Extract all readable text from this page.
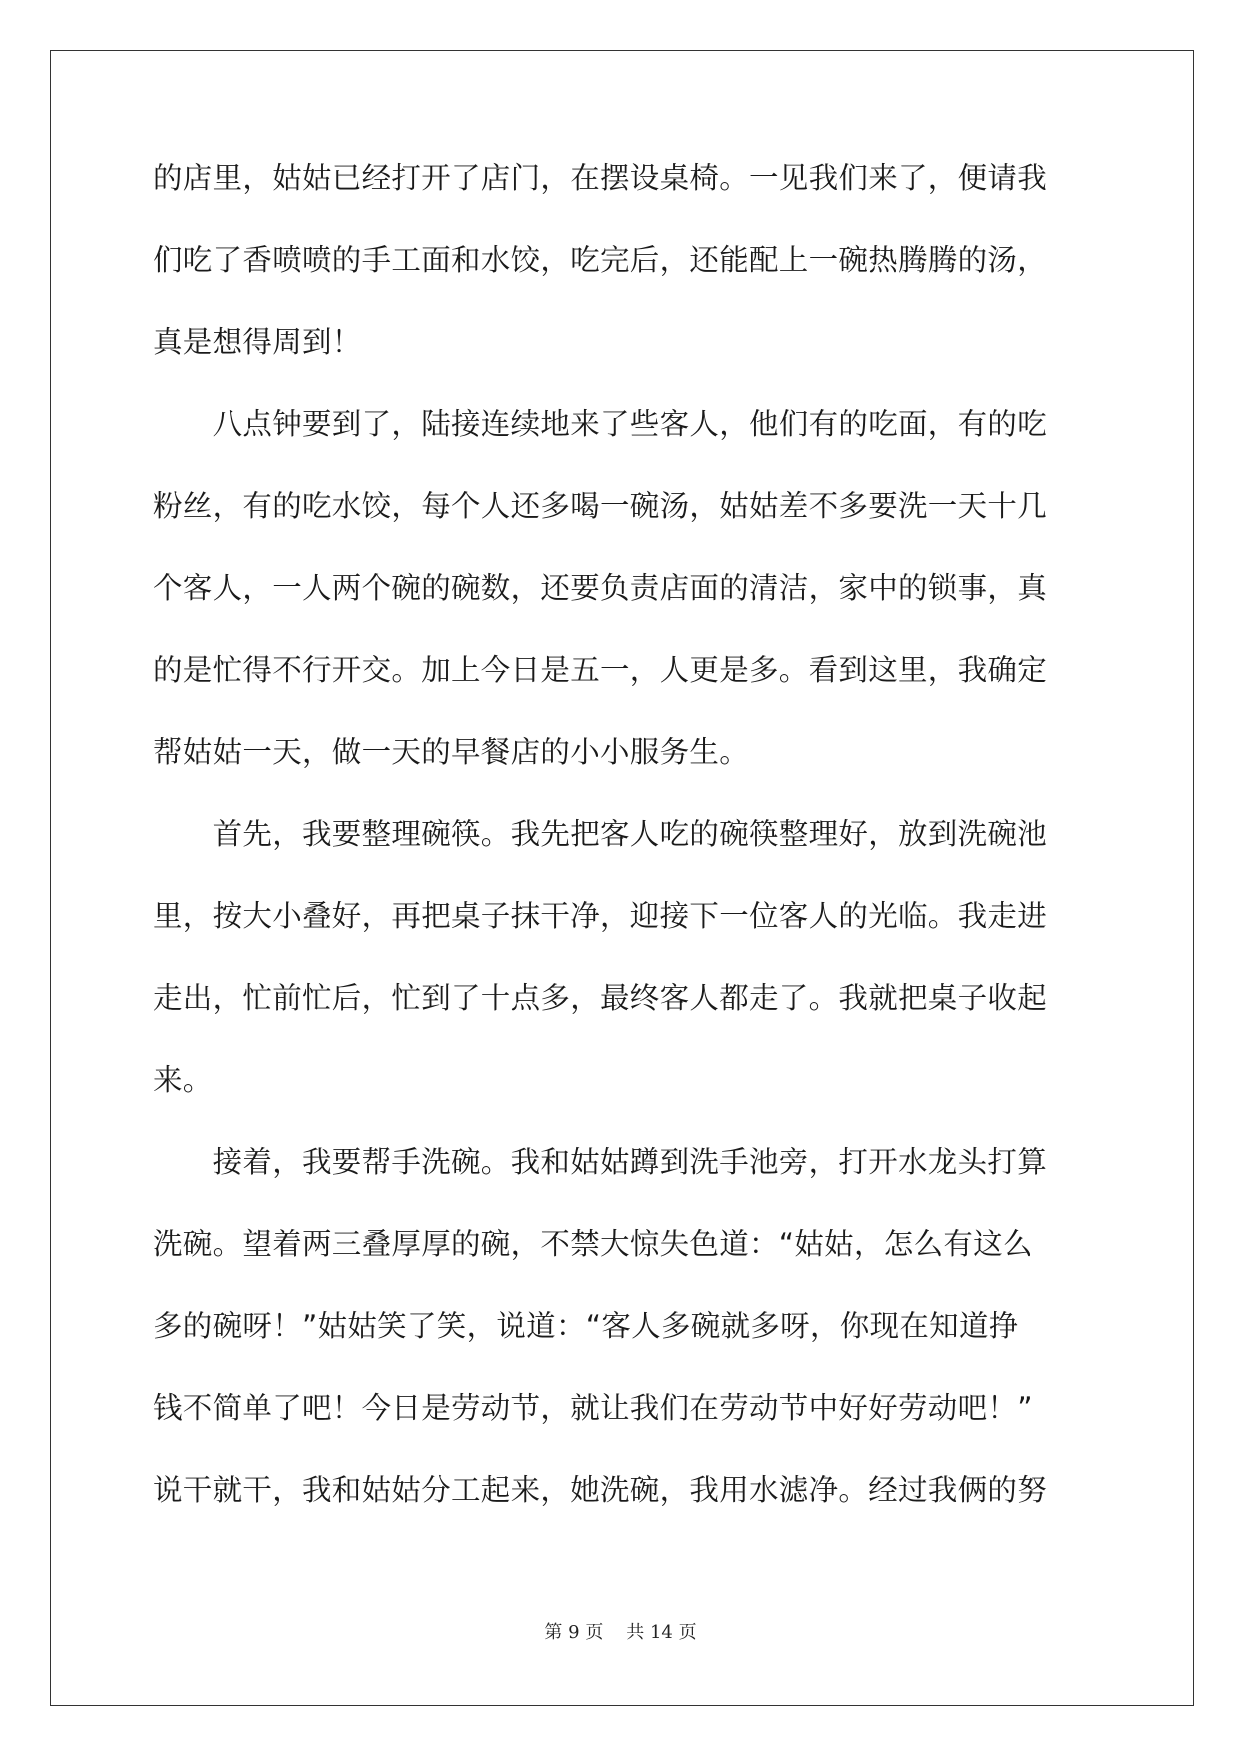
的店里，姑姑已经打开了店门，在摆设桌椅。一见我们来了，便请我
们吃了香喷喷的手工面和水饺，吃完后，还能配上一碗热腾腾的汤，
真是想得周到！
　　八点钟要到了，陆接连续地来了些客人，他们有的吃面，有的吃
粉丝，有的吃水饺，每个人还多喝一碗汤，姑姑差不多要洗一天十几
个客人，一人两个碗的碗数，还要负责店面的清洁，家中的锁事，真
的是忙得不行开交。加上今日是五一，人更是多。看到这里，我确定
帮姑姑一天，做一天的早餐店的小小服务生。
　　首先，我要整理碗筷。我先把客人吃的碗筷整理好，放到洗碗池
里，按大小叠好，再把桌子抹干净，迎接下一位客人的光临。我走进
走出，忙前忙后，忙到了十点多，最终客人都走了。我就把桌子收起
来。
　　接着，我要帮手洗碗。我和姑姑蹲到洗手池旁，打开水龙头打算
洗碗。望着两三叠厚厚的碗，不禁大惊失色道：“姑姑，怎么有这么
多的碗呀！”姑姑笑了笑，说道：“客人多碗就多呀，你现在知道挣
钱不简单了吧！今日是劳动节，就让我们在劳动节中好好劳动吧！”
说干就干，我和姑姑分工起来，她洗碗，我用水滤净。经过我俩的努
第 9 页 共 14 页
